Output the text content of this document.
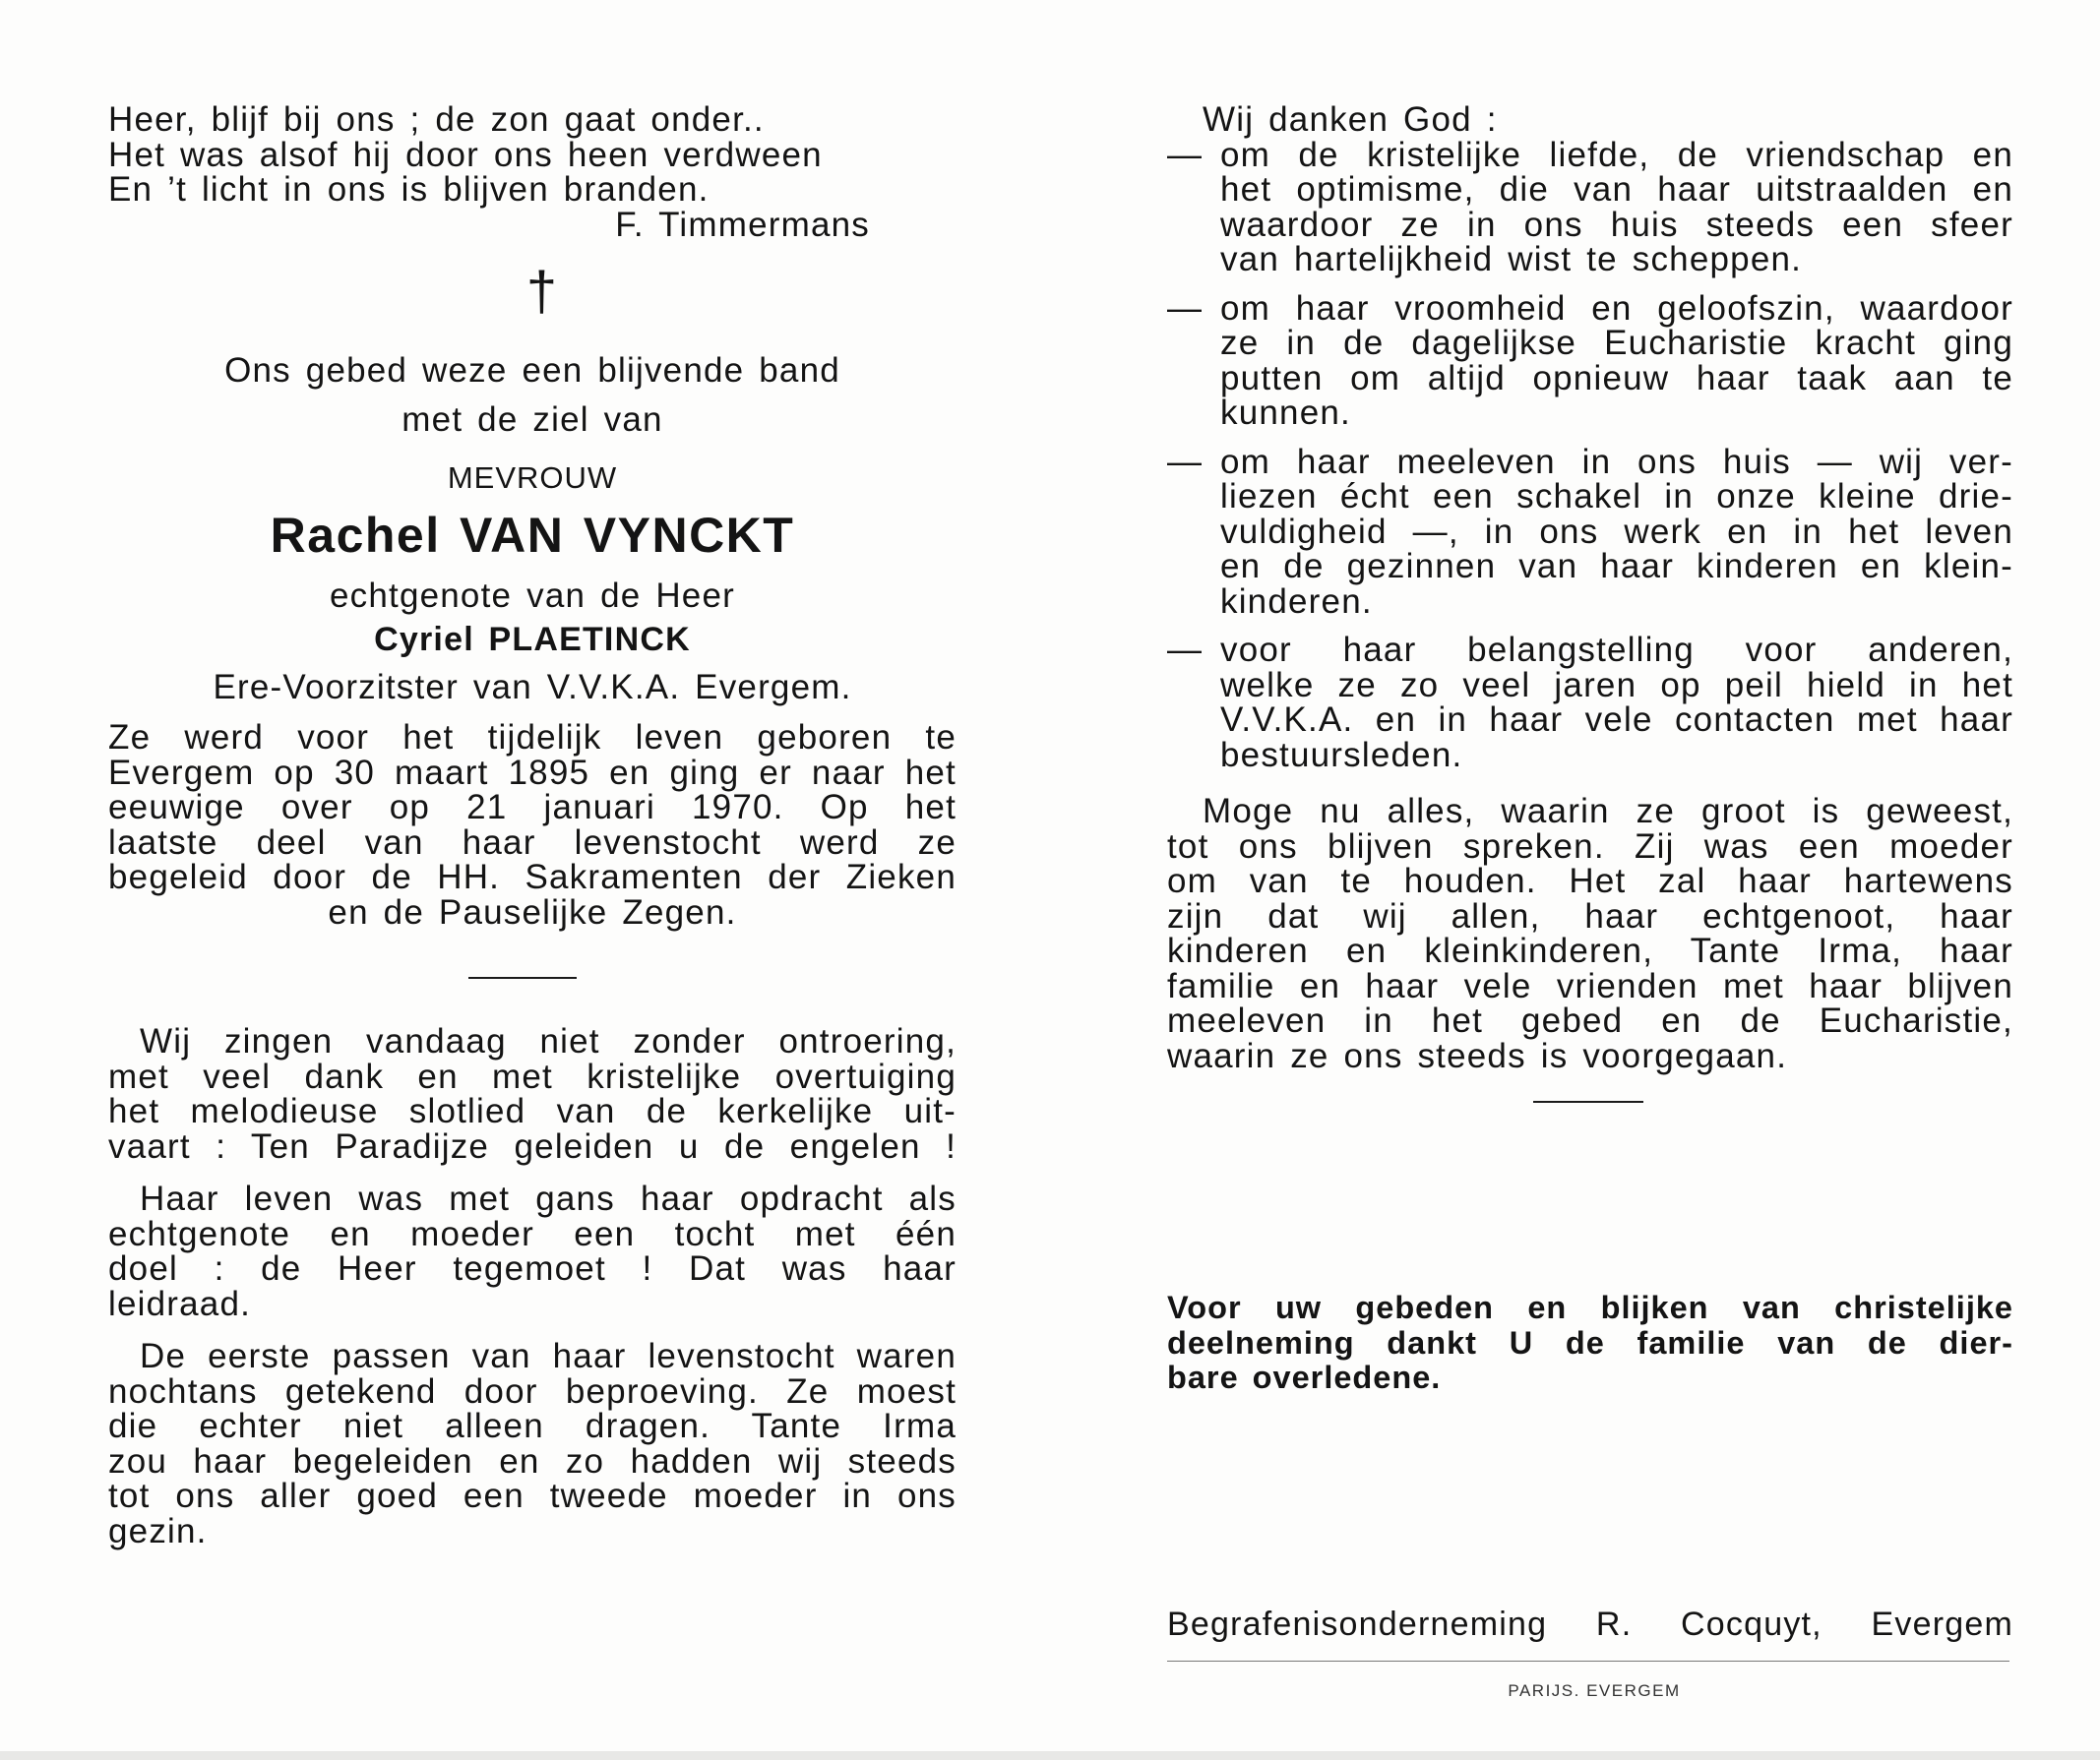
Heer, blijf bij ons ; de zon gaat onder..

Het was alsof hij door ons heen verdween

En ’t licht in ons is blijven branden.

F. Timmermans

†
Ons gebed weze een blijvende band
met de ziel van
MEVROUW
Rachel VAN VYNCKT
echtgenote van de Heer
Cyriel PLAETINCK
Ere-Voorzitster van V.V.K.A. Evergem.

Ze werd voor het tijdelijk leven geboren te

Evergem op 30 maart 1895 en ging er naar het

eeuwige over op 21 januari 1970. Op het

laatste deel van haar levenstocht werd ze

begeleid door de HH. Sakramenten der Zieken

en de Pauselijke Zegen.

Wij zingen vandaag niet zonder ontroering,

met veel dank en met kristelijke overtuiging

het melodieuse slotlied van de kerkelijke uit-

vaart : Ten Paradijze geleiden u de engelen !

Haar leven was met gans haar opdracht als

echtgenote en moeder een tocht met één

doel : de Heer tegemoet ! Dat was haar

leidraad.

De eerste passen van haar levenstocht waren

nochtans getekend door beproeving. Ze moest

die echter niet alleen dragen. Tante Irma

zou haar begeleiden en zo hadden wij steeds

tot ons aller goed een tweede moeder in ons

gezin.

Wij danken God :

— om de kristelijke liefde, de vriendschap en

het optimisme, die van haar uitstraalden en

waardoor ze in ons huis steeds een sfeer

van hartelijkheid wist te scheppen.

— om haar vroomheid en geloofszin, waardoor

ze in de dagelijkse Eucharistie kracht ging

putten om altijd opnieuw haar taak aan te

kunnen.

— om haar meeleven in ons huis — wij ver-

liezen écht een schakel in onze kleine drie-

vuldigheid —, in ons werk en in het leven

en de gezinnen van haar kinderen en klein-

kinderen.

— voor haar belangstelling voor anderen,

welke ze zo veel jaren op peil hield in het

V.V.K.A. en in haar vele contacten met haar

bestuursleden.

Moge nu alles, waarin ze groot is geweest,

tot ons blijven spreken. Zij was een moeder

om van te houden. Het zal haar hartewens

zijn dat wij allen, haar echtgenoot, haar

kinderen en kleinkinderen, Tante Irma, haar

familie en haar vele vrienden met haar blijven

meeleven in het gebed en de Eucharistie,

waarin ze ons steeds is voorgegaan.

Voor uw gebeden en blijken van christelijke

deelneming dankt U de familie van de dier-

bare overledene.

Begrafenisonderneming R. Cocquyt, Evergem
PARIJS. EVERGEM
